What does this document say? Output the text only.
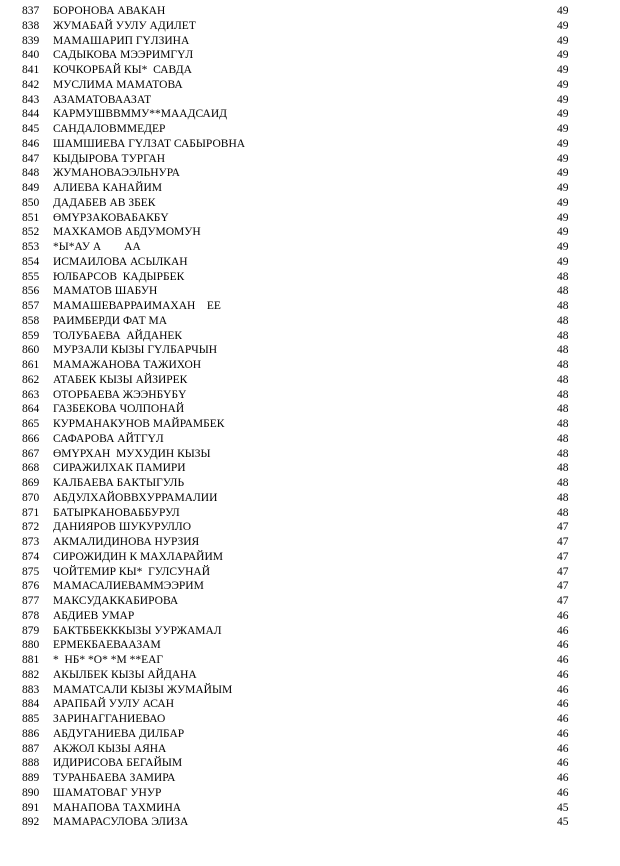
837	БОРОНОВА АВАКАН	49
838	ЖУМАБАЙ УУЛУ АДИЛЕТ	49
839	МАМАШАРИП ГҮЛЗИНА	49
840	САДЫКОВА МЭЭРИМГҮЛ	49
841	КОЧКОРБАЙ КЫ*  САВДА	49
842	МУСЛИМА МАМАТОВА	49
843	АЗАМАТОВААЗАТ	49
844	КАРМУШВВММУ**МААДСАИД	49
845	САНДАЛОВММЕДЕР	49
846	ШАМШИЕВА ГҮЛЗАТ САБЫРОВНА	49
847	КЫДЫРОВА ТУРГАН	49
848	ЖУМАНОВАЭЭЛЬНУРА	49
849	АЛИЕВА КАНАЙИМ	49
850	ДАДАБЕВ АВ ЗБЕК	49
851	ӨМҮРЗАКОВАБАКБҮ	49
852	МАХКАМОВ АБДУМОМУН	49
853	*Ы*АУ А        АА	49
854	ИСМАИЛОВА АСЫЛКАН	49
855	ЮЛБАРСОВ  КАДЫРБЕК	48
856	МАМАТОВ ШАБУН	48
857	МАМАШЕВАРРАИМАХАН    ЕЕ	48
858	РАИМБЕРДИ ФАТ МА	48
859	ТОЛУБАЕВА  АЙДАНЕК	48
860	МУРЗАЛИ КЫЗЫ ГҮЛБАРЧЫН	48
861	МАМАЖАНОВА ТАЖИХОН	48
862	АТАБЕК КЫЗЫ АЙЗИРЕК	48
863	ОТОРБАЕВА ЖЭЭНБҮБҮ	48
864	ГАЗБЕКОВА ЧОЛПОНАЙ	48
865	КУРМАНАКУНОВ МАЙРАМБЕК	48
866	САФАРОВА АЙТГҮЛ	48
867	ӨМҮРХАН  МУХУДИН КЫЗЫ	48
868	СИРАЖИЛХАК ПАМИРИ	48
869	КАЛБАЕВА БАКТЫГУЛЬ	48
870	АБДУЛХАЙОВВХУРРАМАЛИИ	48
871	БАТЫРКАНОВАББУРУЛ	48
872	ДАНИЯРОВ ШУКУРУЛЛО	47
873	АКМАЛИДИНОВА НУРЗИЯ	47
874	СИРОЖИДИН К МАХЛАРАЙИМ	47
875	ЧОЙТЕМИР КЫ*  ГУЛСУНАЙ	47
876	МАМАСАЛИЕВАММЭЭРИМ	47
877	МАКСУДАККАБИРОВА	47
878	АБДИЕВ УМАР	46
879	БАКТББЕКККЫЗЫ УУРЖАМАЛ	46
880	ЕРМЕКБАЕВААЗАМ	46
881	*  НБ* *О* *М **ЕАГ	46
882	АКЫЛБЕК КЫЗЫ АЙДАНА	46
883	МАМАТСАЛИ КЫЗЫ ЖУМАЙЫМ	46
884	АРАПБАЙ УУЛУ АСАН	46
885	ЗАРИНАГГАНИЕВАО	46
886	АБДУГАНИЕВА ДИЛБАР	46
887	АКЖОЛ КЫЗЫ АЯНА	46
888	ИДИРИСОВА БЕГАЙЫМ	46
889	ТУРАНБАЕВА ЗАМИРА	46
890	ШАМАТОВАГ УНУР	46
891	МАНАПОВА ТАХМИНА	45
892	МАМАРАСУЛОВА ЭЛИЗА	45
